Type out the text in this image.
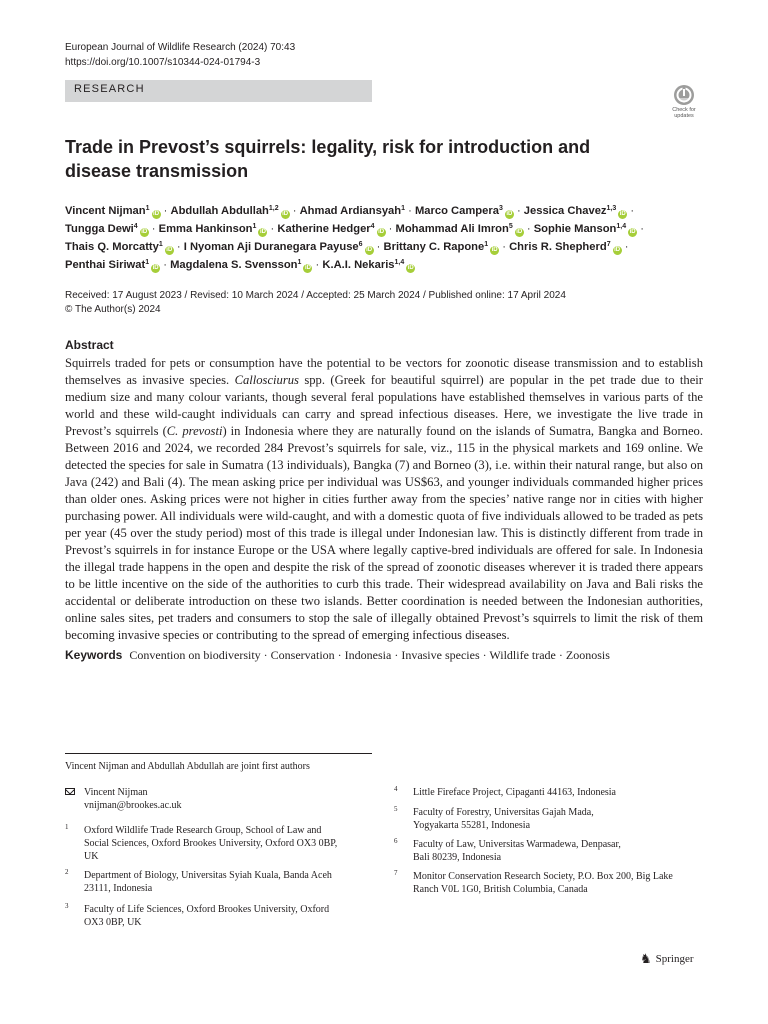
European Journal of Wildlife Research (2024) 70:43
https://doi.org/10.1007/s10344-024-01794-3
RESEARCH
Check for
updates
Trade in Prevost’s squirrels: legality, risk for introduction and
disease transmission
Vincent Nijman$^1$iD · Abdullah Abdullah$^{1,2}$iD · Ahmad Ardiansyah$^1$ · Marco Campera$^3$iD · Jessica Chavez$^{1,3}$iD ·
Tungga Dewi$^4$iD · Emma Hankinson$^1$iD · Katherine Hedger$^4$iD · Mohammad Ali Imron$^5$iD · Sophie Manson$^{1,4}$iD ·
Thais Q. Morcatty$^1$iD · I Nyoman Aji Duranegara Payuse$^6$iD · Brittany C. Rapone$^1$iD · Chris R. Shepherd$^7$iD ·
Penthai Siriwat$^1$iD · Magdalena S. Svensson$^1$iD · K.A.I. Nekaris$^{1,4}$iD
Received: 17 August 2023 / Revised: 10 March 2024 / Accepted: 25 March 2024 / Published online: 17 April 2024
© The Author(s) 2024
Abstract

Squirrels traded for pets or consumption have the potential to be vectors for zoonotic disease transmission and to establish themselves as invasive species. Callosciurus spp. (Greek for beautiful squirrel) are popular in the pet trade due to their medium size and many colour variants, though several feral populations have established themselves in various parts of the world and these wild-caught individuals can carry and spread infectious diseases. Here, we investigate the live trade in Prevost’s squirrels (C. prevosti) in Indonesia where they are naturally found on the islands of Sumatra, Bangka and Borneo. Between 2016 and 2024, we recorded 284 Prevost’s squirrels for sale, viz., 115 in the physical markets and 169 online. We detected the species for sale in Sumatra (13 individuals), Bangka (7) and Borneo (3), i.e. within their natural range, but also on Java (242) and Bali (4). The mean asking price per individual was US$63, and younger individuals commanded higher prices than older ones. Asking prices were not higher in cities further away from the species’ native range nor in cities with higher purchasing power. All individuals were wild-caught, and with a domestic quota of five individuals allowed to be traded as pets per year (45 over the study period) most of this trade is illegal under Indonesian law. This is distinctly different from trade in Prevost’s squirrels in for instance Europe or the USA where legally captive-bred individuals are offered for sale. In Indonesia the illegal trade happens in the open and despite the risk of the spread of zoonotic diseases wherever it is traded there appears to be little incentive on the side of the authorities to curb this trade. Their widespread availability on Java and Bali risks the accidental or deliberate introduction on these two islands. Better coordination is needed between the Indonesian authorities, online sales sites, pet traders and consumers to stop the sale of illegally obtained Prevost’s squirrels to limit the risk of them becoming invasive species or contributing to the spread of emerging infectious diseases.

Keywords Convention on biodiversity · Conservation · Indonesia · Invasive species · Wildlife trade · Zoonosis
Vincent Nijman and Abdullah Abdullah are joint first authors
Vincent Nijman
vnijman@brookes.ac.uk
1 Oxford Wildlife Trade Research Group, School of Law and Social Sciences, Oxford Brookes University, Oxford OX3 0BP, UK
2 Department of Biology, Universitas Syiah Kuala, Banda Aceh 23111, Indonesia
3 Faculty of Life Sciences, Oxford Brookes University, Oxford OX3 0BP, UK
4 Little Fireface Project, Cipaganti 44163, Indonesia
5 Faculty of Forestry, Universitas Gajah Mada, Yogyakarta 55281, Indonesia
6 Faculty of Law, Universitas Warmadewa, Denpasar, Bali 80239, Indonesia
7 Monitor Conservation Research Society, P.O. Box 200, Big Lake Ranch V0L 1G0, British Columbia, Canada
♞ Springer
